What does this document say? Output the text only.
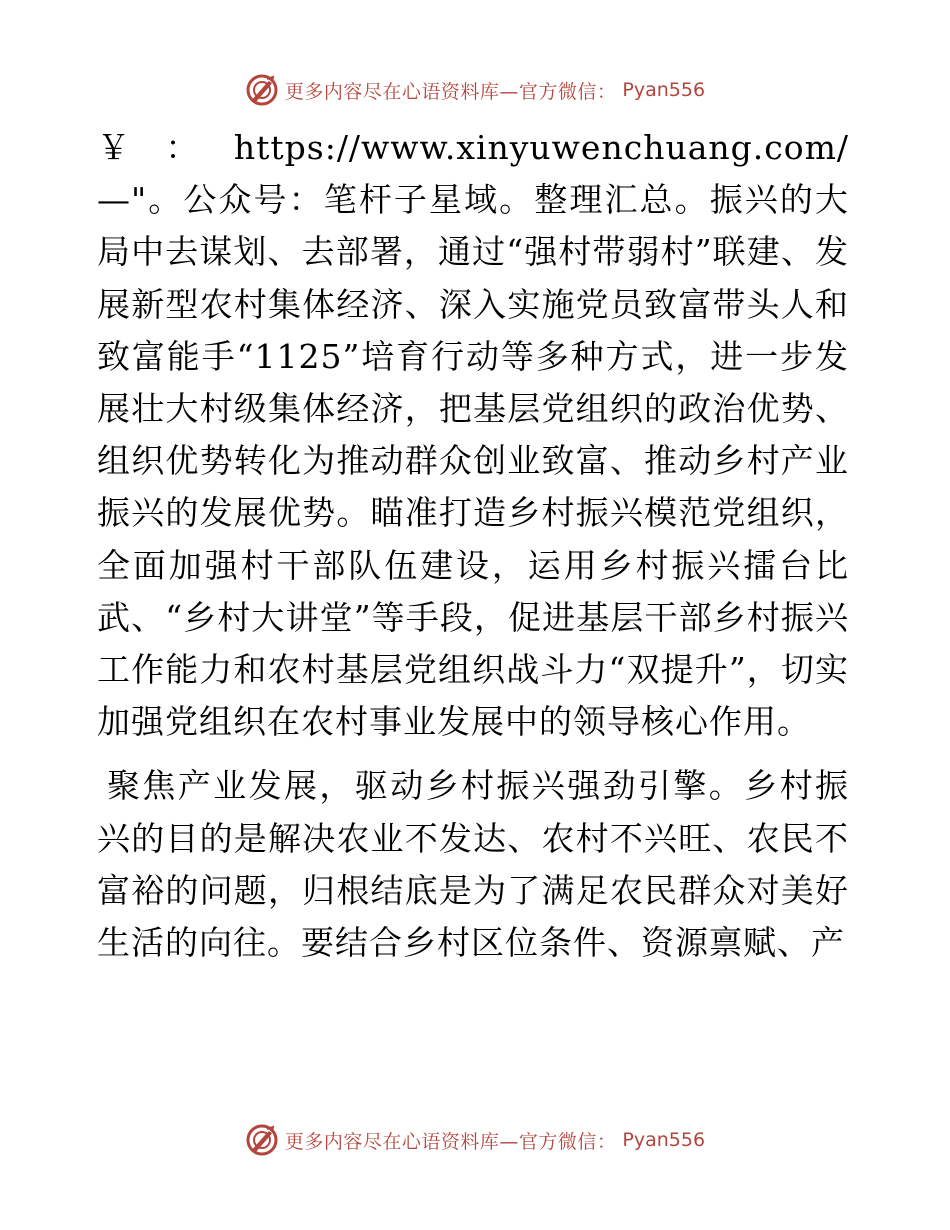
更多内容尽在心语资料库—官方微信： Pyan556

￥：https://www.xinyuwenchuang.com/—"。公众号：笔杆子星域。整理汇总。振兴的大局中去谋划、去部署，通过“强村带弱村”联建、发展新型农村集体经济、深入实施党员致富带头人和致富能手“1125”培育行动等多种方式，进一步发展壮大村级集体经济，把基层党组织的政治优势、组织优势转化为推动群众创业致富、推动乡村产业振兴的发展优势。瞄准打造乡村振兴模范党组织，全面加强村干部队伍建设，运用乡村振兴擂台比武、“乡村大讲堂”等手段，促进基层干部乡村振兴工作能力和农村基层党组织战斗力“双提升”，切实加强党组织在农村事业发展中的领导核心作用。

聚焦产业发展，驱动乡村振兴强劲引擎。乡村振兴的目的是解决农业不发达、农村不兴旺、农民不富裕的问题，归根结底是为了满足农民群众对美好生活的向往。要结合乡村区位条件、资源禀赋、产

更多内容尽在心语资料库—官方微信： Pyan556
